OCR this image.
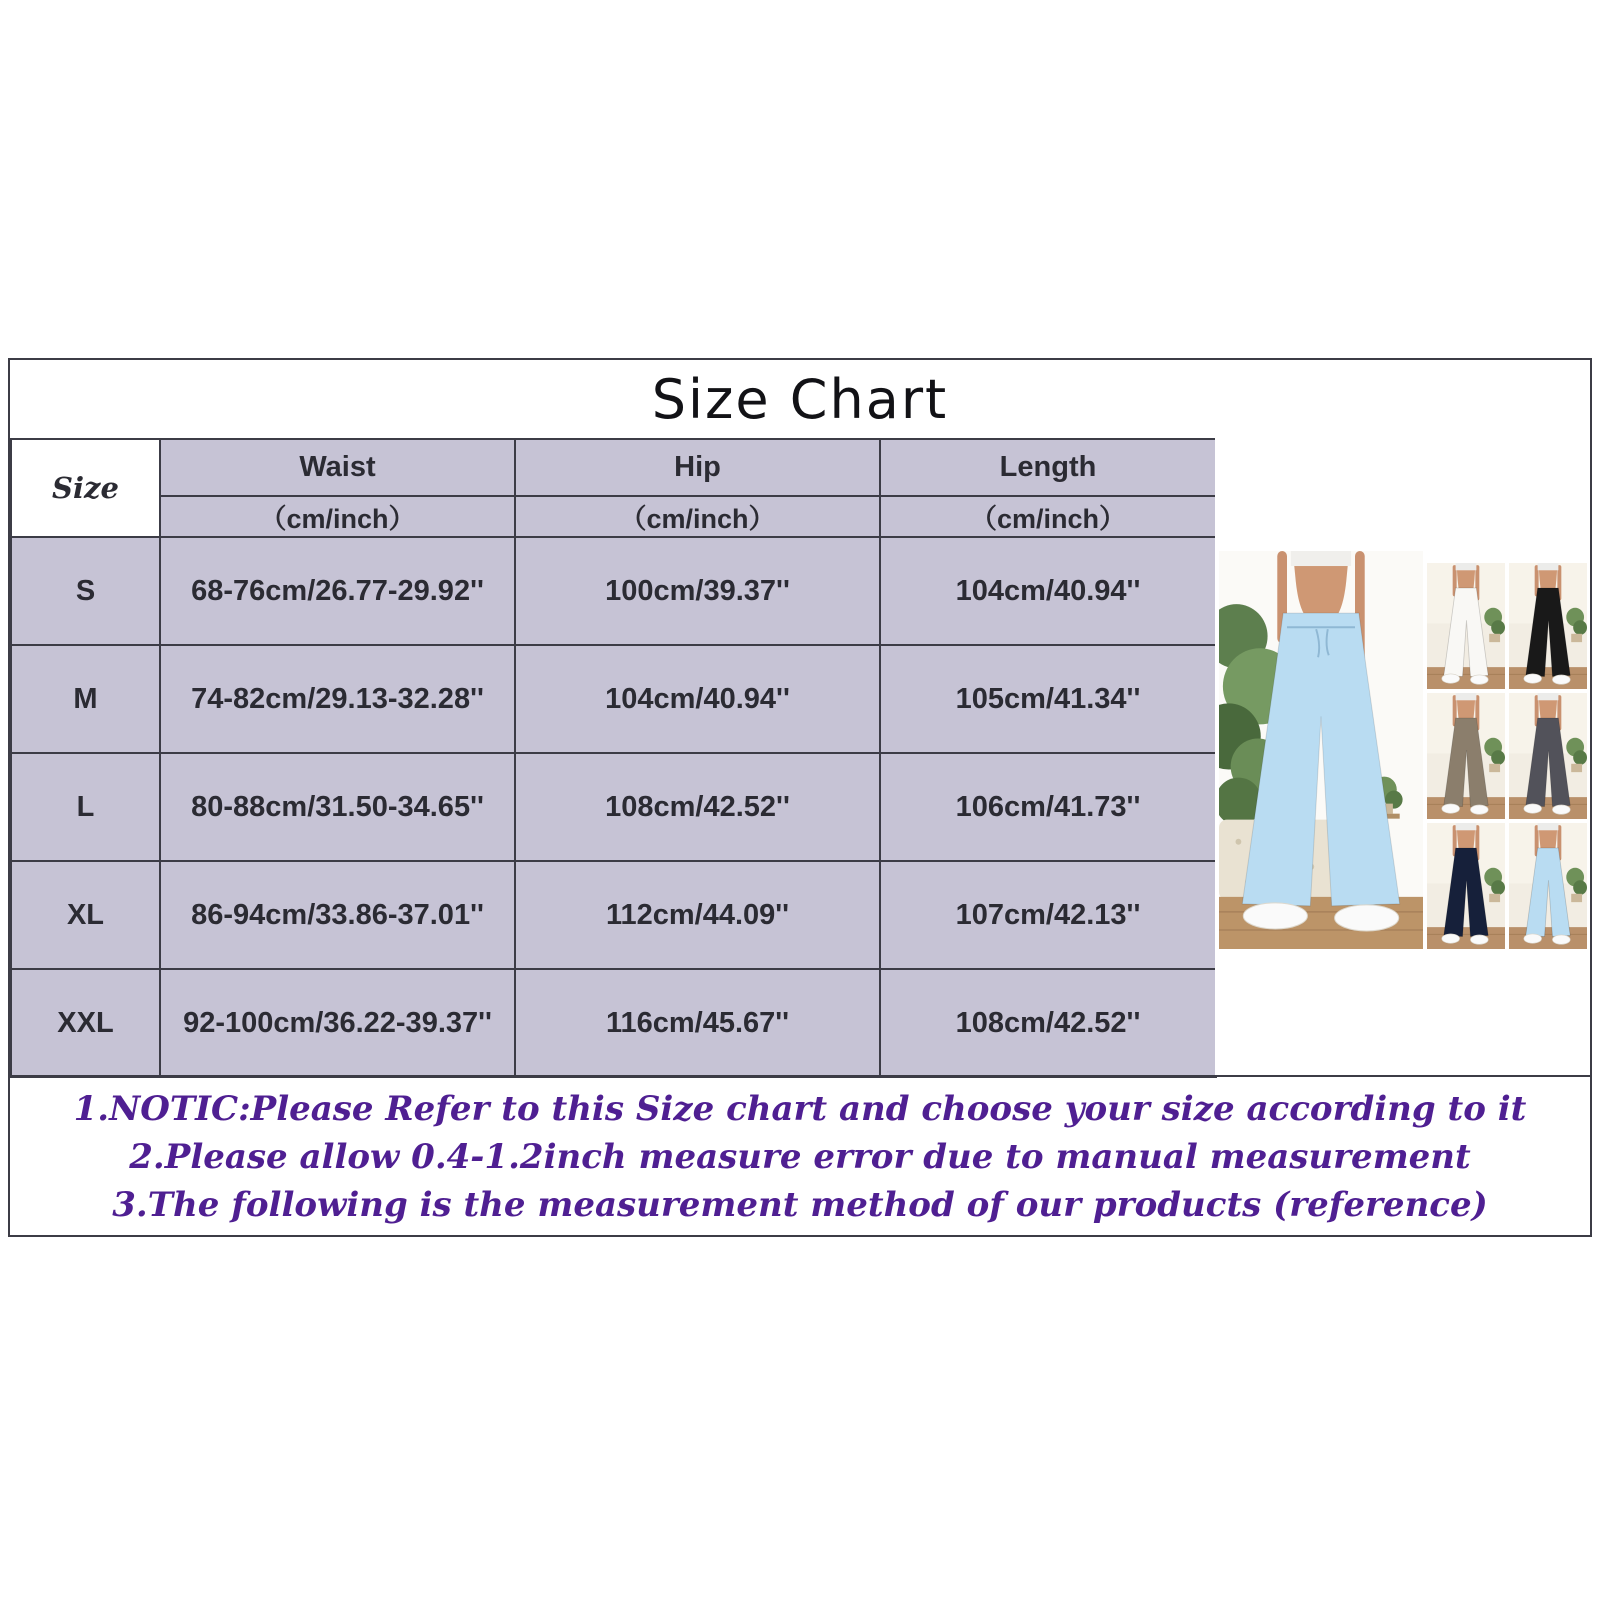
Size Chart
Size	Waist	Hip	Length
	（cm/inch）	（cm/inch）	（cm/inch）
S	68-76cm/26.77-29.92''	100cm/39.37''	104cm/40.94''
M	74-82cm/29.13-32.28''	104cm/40.94''	105cm/41.34''
L	80-88cm/31.50-34.65''	108cm/42.52''	106cm/41.73''
XL	86-94cm/33.86-37.01''	112cm/44.09''	107cm/42.13''
XXL	92-100cm/36.22-39.37''	116cm/45.67''	108cm/42.52''

1.NOTIC:Please Refer to this Size chart and choose your size according to it

2.Please allow 0.4-1.2inch measure error due to manual measurement

3.The following is the measurement method of our products (reference)
